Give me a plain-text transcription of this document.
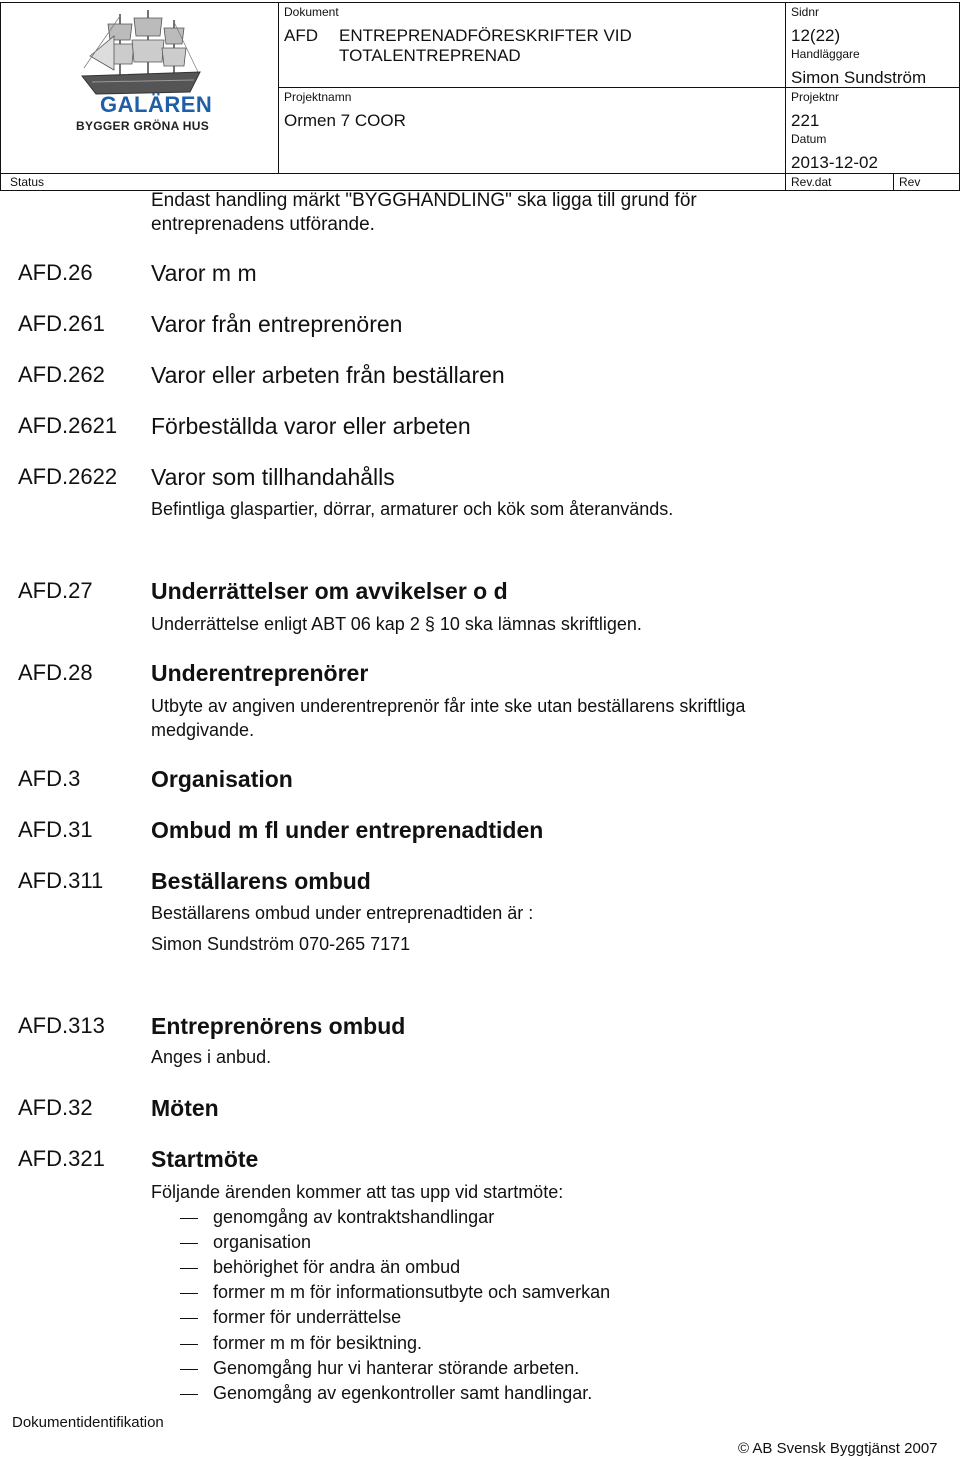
GALÄREN
BYGGER GRÖNA HUS
Dokument
AFD ENTREPRENADFÖRESKRIFTER VID
TOTALENTREPRENAD
Sidnr
12(22)
Handläggare
Simon Sundström
Projektnamn
Ormen 7 COOR
Projektnr
221
Datum
2013-12-02
Status	Rev.dat	Rev
Endast handling märkt "BYGGHANDLING" ska ligga till grund för
entreprenadens utförande.
AFD.26	Varor m m
AFD.261 Varor från entreprenören
AFD.262 Varor eller arbeten från beställaren
AFD.2621 Förbeställda varor eller arbeten
AFD.2622 Varor som tillhandahålls
Befintliga glaspartier, dörrar, armaturer och kök som återanvänds.
AFD.27	Underrättelser om avvikelser o d
Underrättelse enligt ABT 06 kap 2 § 10 ska lämnas skriftligen.
AFD.28	Underentreprenörer
Utbyte av angiven underentreprenör får inte ske utan beställarens skriftliga
medgivande.
AFD.3	Organisation
AFD.31	Ombud m fl under entreprenadtiden
AFD.311 Beställarens ombud
Beställarens ombud under entreprenadtiden är :
Simon Sundström 070-265 7171
AFD.313 Entreprenörens ombud
Anges i anbud.
AFD.32	Möten
AFD.321 Startmöte
Följande ärenden kommer att tas upp vid startmöte:
genomgång av kontraktshandlingar
organisation
behörighet för andra än ombud
former m m för informationsutbyte och samverkan
former för underrättelse
former m m för besiktning.
Genomgång hur vi hanterar störande arbeten.
Genomgång av egenkontroller samt handlingar.
Dokumentidentifikation
© AB Svensk Byggtjänst 2007
